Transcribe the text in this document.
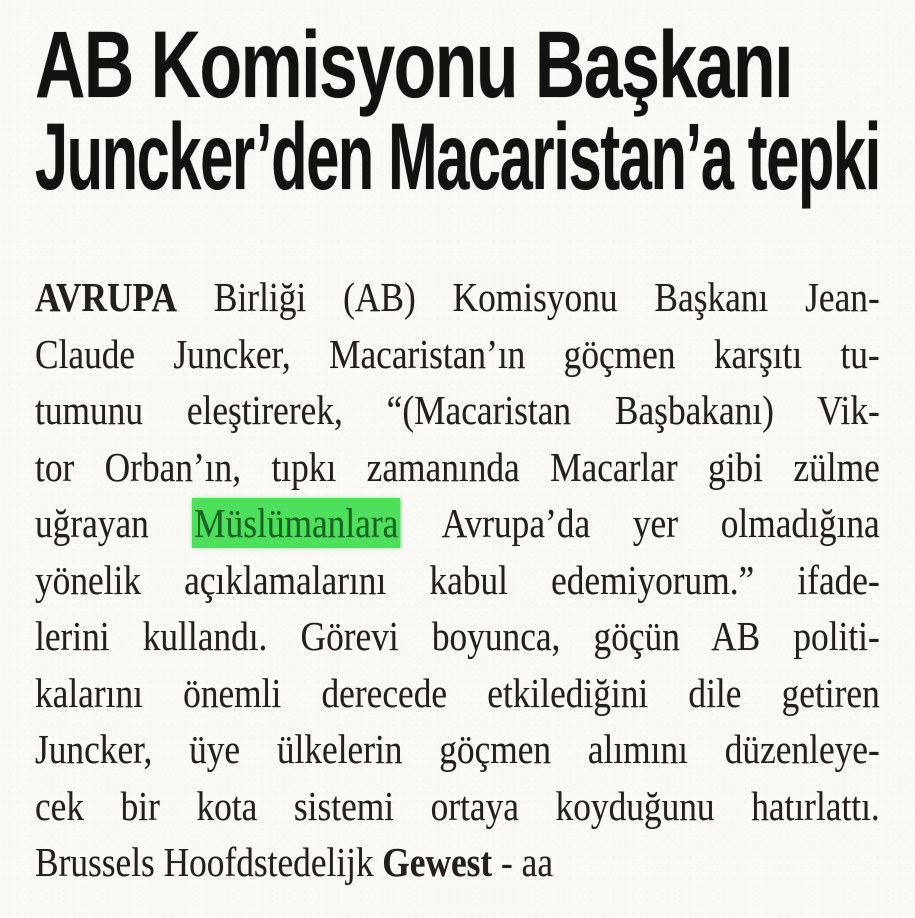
AB Komisyonu Başkanı
Juncker’den Macaristan’a tepki

AVRUPA Birliği (AB) Komisyonu Başkanı Jean-

Claude Juncker, Macaristan’ın göçmen karşıtı tu-

tumunu eleştirerek, “(Macaristan Başbakanı) Vik-

tor Orban’ın, tıpkı zamanında Macarlar gibi zülme

uğrayan Müslümanlara Avrupa’da yer olmadığına

yönelik açıklamalarını kabul edemiyorum.” ifade-

lerini kullandı. Görevi boyunca, göçün AB politi-

kalarını önemli derecede etkilediğini dile getiren

Juncker, üye ülkelerin göçmen alımını düzenleye-

cek bir kota sistemi ortaya koyduğunu hatırlattı.

Brussels Hoofdstedelijk Gewest - aa
